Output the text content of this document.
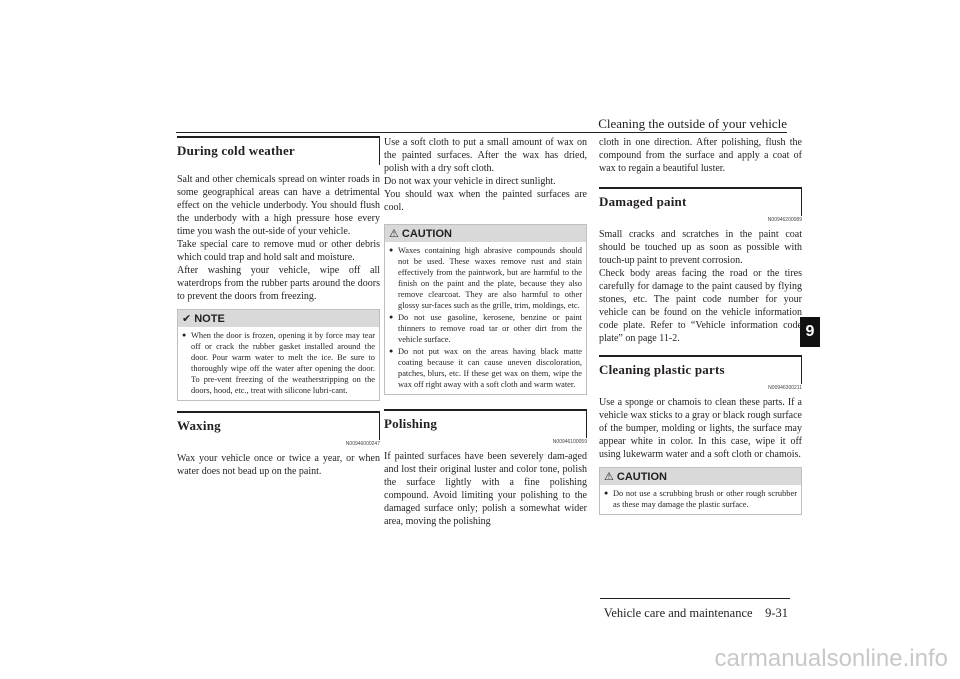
Cleaning the outside of your vehicle
9
During cold weather

Salt and other chemicals spread on winter roads in some geographical areas can have a detrimental effect on the vehicle underbody. You should flush the underbody with a high pressure hose every time you wash the out-side of your vehicle.
Take special care to remove mud or other debris which could trap and hold salt and moisture.
After washing your vehicle, wipe off all waterdrops from the rubber parts around the doors to prevent the doors from freezing.

✔ NOTE
● When the door is frozen, opening it by force may tear off or crack the rubber gasket installed around the door. Pour warm water to melt the ice. Be sure to thoroughly wipe off the water after opening the door. To pre-vent freezing of the weatherstripping on the doors, hood, etc., treat with silicone lubri-cant.
Waxing
N00946000247

Wax your vehicle once or twice a year, or when water does not bead up on the paint.

Use a soft cloth to put a small amount of wax on the painted surfaces. After the wax has dried, polish with a dry soft cloth.
Do not wax your vehicle in direct sunlight.
You should wax when the painted surfaces are cool.

⚠ CAUTION
● Waxes containing high abrasive compounds should not be used. These waxes remove rust and stain effectively from the paintwork, but are harmful to the finish on the paint and the plate, because they also remove clearcoat. They are also harmful to other glossy sur-faces such as the grille, trim, moldings, etc.
● Do not use gasoline, kerosene, benzine or paint thinners to remove road tar or other dirt from the vehicle surface.
● Do not put wax on the areas having black matte coating because it can cause uneven discoloration, patches, blurs, etc. If these get wax on them, wipe the wax off right away with a soft cloth and warm water.
Polishing
N00946100059

If painted surfaces have been severely dam-aged and lost their original luster and color tone, polish the surface lightly with a fine polishing compound. Avoid limiting your polishing to the damaged surface only; polish a somewhat wider area, moving the polishing

cloth in one direction. After polishing, flush the compound from the surface and apply a coat of wax to regain a beautiful luster.

Damaged paint
N00946200089

Small cracks and scratches in the paint coat should be touched up as soon as possible with touch-up paint to prevent corrosion.
Check body areas facing the road or the tires carefully for damage to the paint caused by flying stones, etc. The paint code number for your vehicle can be found on the vehicle information code plate. Refer to “Vehicle information code plate” on page 11-2.

Cleaning plastic parts
N00946300211

Use a sponge or chamois to clean these parts. If a vehicle wax sticks to a gray or black rough surface of the bumper, molding or lights, the surface may appear white in color. In this case, wipe it off using lukewarm water and a soft cloth or chamois.

⚠ CAUTION
● Do not use a scrubbing brush or other rough scrubber as these may damage the plastic surface.
Vehicle care and maintenance    9-31
carmanualsonline.info
